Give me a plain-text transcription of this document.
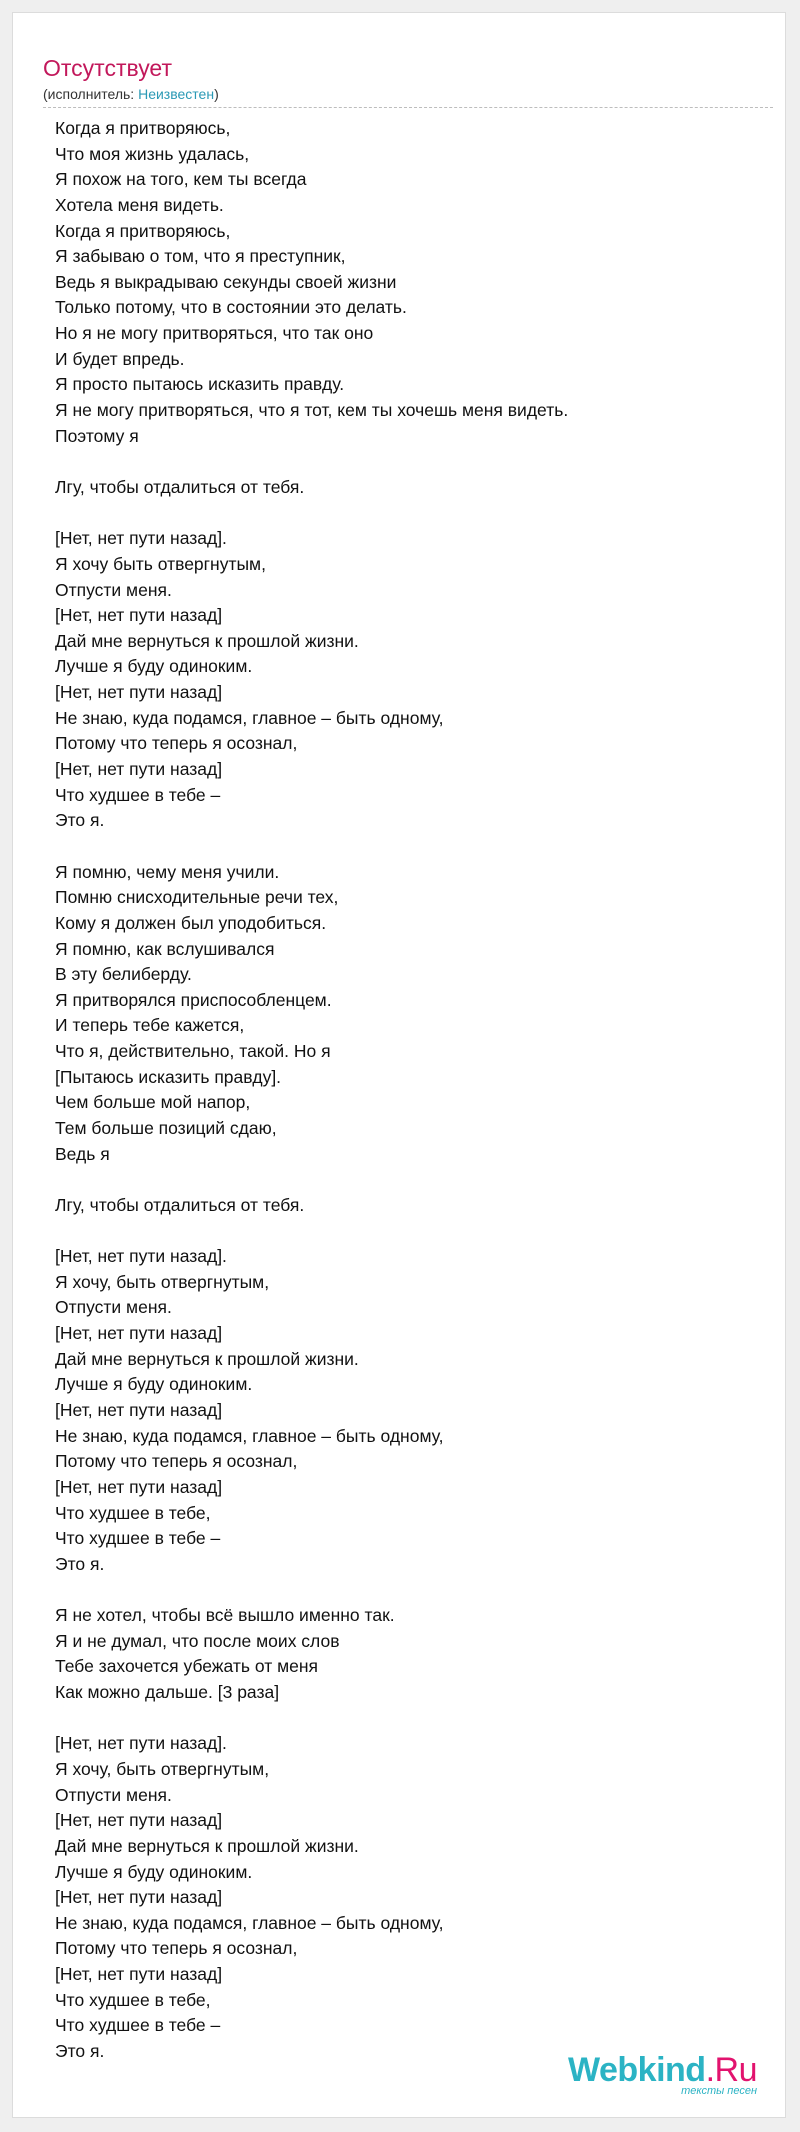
Отсутствует
(исполнитель: Неизвестен)
Когда я притворяюсь,
Что моя жизнь удалась,
Я похож на того, кем ты всегда
Хотела меня видеть.
Когда я притворяюсь,
Я забываю о том, что я преступник,
Ведь я выкрадываю секунды своей жизни
Только потому, что в состоянии это делать.
Но я не могу притворяться, что так оно
И будет впредь.
Я просто пытаюсь исказить правду.
Я не могу притворяться, что я тот, кем ты хочешь меня видеть.
Поэтому я
Лгу, чтобы отдалиться от тебя.
[Нет, нет пути назад].
Я хочу быть отвергнутым,
Отпусти меня.
[Нет, нет пути назад]
Дай мне вернуться к прошлой жизни.
Лучше я буду одиноким.
[Нет, нет пути назад]
Не знаю, куда подамся, главное – быть одному,
Потому что теперь я осознал,
[Нет, нет пути назад]
Что худшее в тебе –
Это я.
Я помню, чему меня учили.
Помню снисходительные речи тех,
Кому я должен был уподобиться.
Я помню, как вслушивался
В эту белиберду.
Я притворялся приспособленцем.
И теперь тебе кажется,
Что я, действительно, такой. Но я
[Пытаюсь исказить правду].
Чем больше мой напор,
Тем больше позиций сдаю,
Ведь я
Лгу, чтобы отдалиться от тебя.
[Нет, нет пути назад].
Я хочу, быть отвергнутым,
Отпусти меня.
[Нет, нет пути назад]
Дай мне вернуться к прошлой жизни.
Лучше я буду одиноким.
[Нет, нет пути назад]
Не знаю, куда подамся, главное – быть одному,
Потому что теперь я осознал,
[Нет, нет пути назад]
Что худшее в тебе,
Что худшее в тебе –
Это я.
Я не хотел, чтобы всё вышло именно так.
Я и не думал, что после моих слов
Тебе захочется убежать от меня
Как можно дальше. [3 раза]
[Нет, нет пути назад].
Я хочу, быть отвергнутым,
Отпусти меня.
[Нет, нет пути назад]
Дай мне вернуться к прошлой жизни.
Лучше я буду одиноким.
[Нет, нет пути назад]
Не знаю, куда подамся, главное – быть одному,
Потому что теперь я осознал,
[Нет, нет пути назад]
Что худшее в тебе,
Что худшее в тебе –
Это я.	Webkind.Ru
тексты песен
